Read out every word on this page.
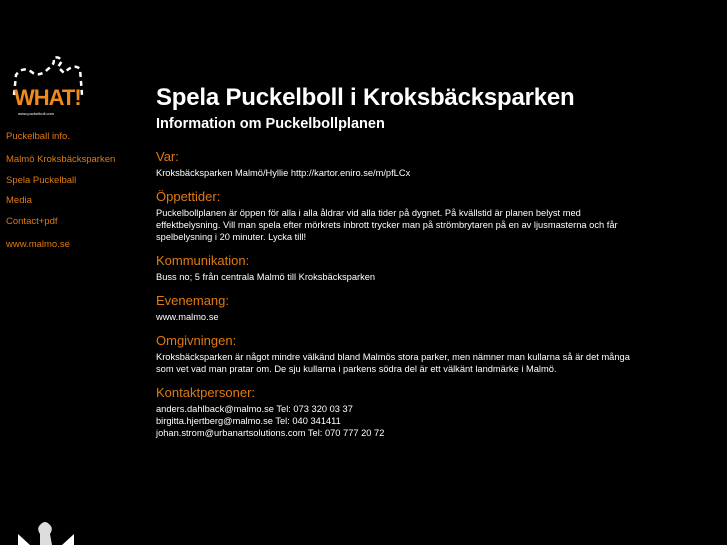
WHAT!
www.puckelboll.com
Puckelball info.
Malmö Kroksbäcksparken
Spela Puckelball
Media
Contact+pdf
www.malmo.se
Spela Puckelboll i Kroksbäcksparken
Information om Puckelbollplanen
Var:

Kroksbäcksparken Malmö/Hyllie http://kartor.eniro.se/m/pfLCx

Öppettider:

Puckelbollplanen är öppen för alla i alla åldrar vid alla tider på dygnet. På kvällstid är planen belyst med effektbelysning. Vill man spela efter mörkrets inbrott trycker man på strömbrytaren på en av ljusmasterna och får spelbelysning i 20 minuter. Lycka till!

Kommunikation:

Buss no; 5 från centrala Malmö till Kroksbäcksparken

Evenemang:

www.malmo.se

Omgivningen:

Kroksbäcksparken är något mindre välkänd bland Malmös stora parker, men nämner man kullarna så är det många som vet vad man pratar om. De sju kullarna i parkens södra del är ett välkänt landmärke i Malmö.

Kontaktpersoner:

anders.dahlback@malmo.se Tel: 073 320 03 37

birgitta.hjertberg@malmo.se Tel: 040 341411

johan.strom@urbanartsolutions.com Tel: 070 777 20 72
